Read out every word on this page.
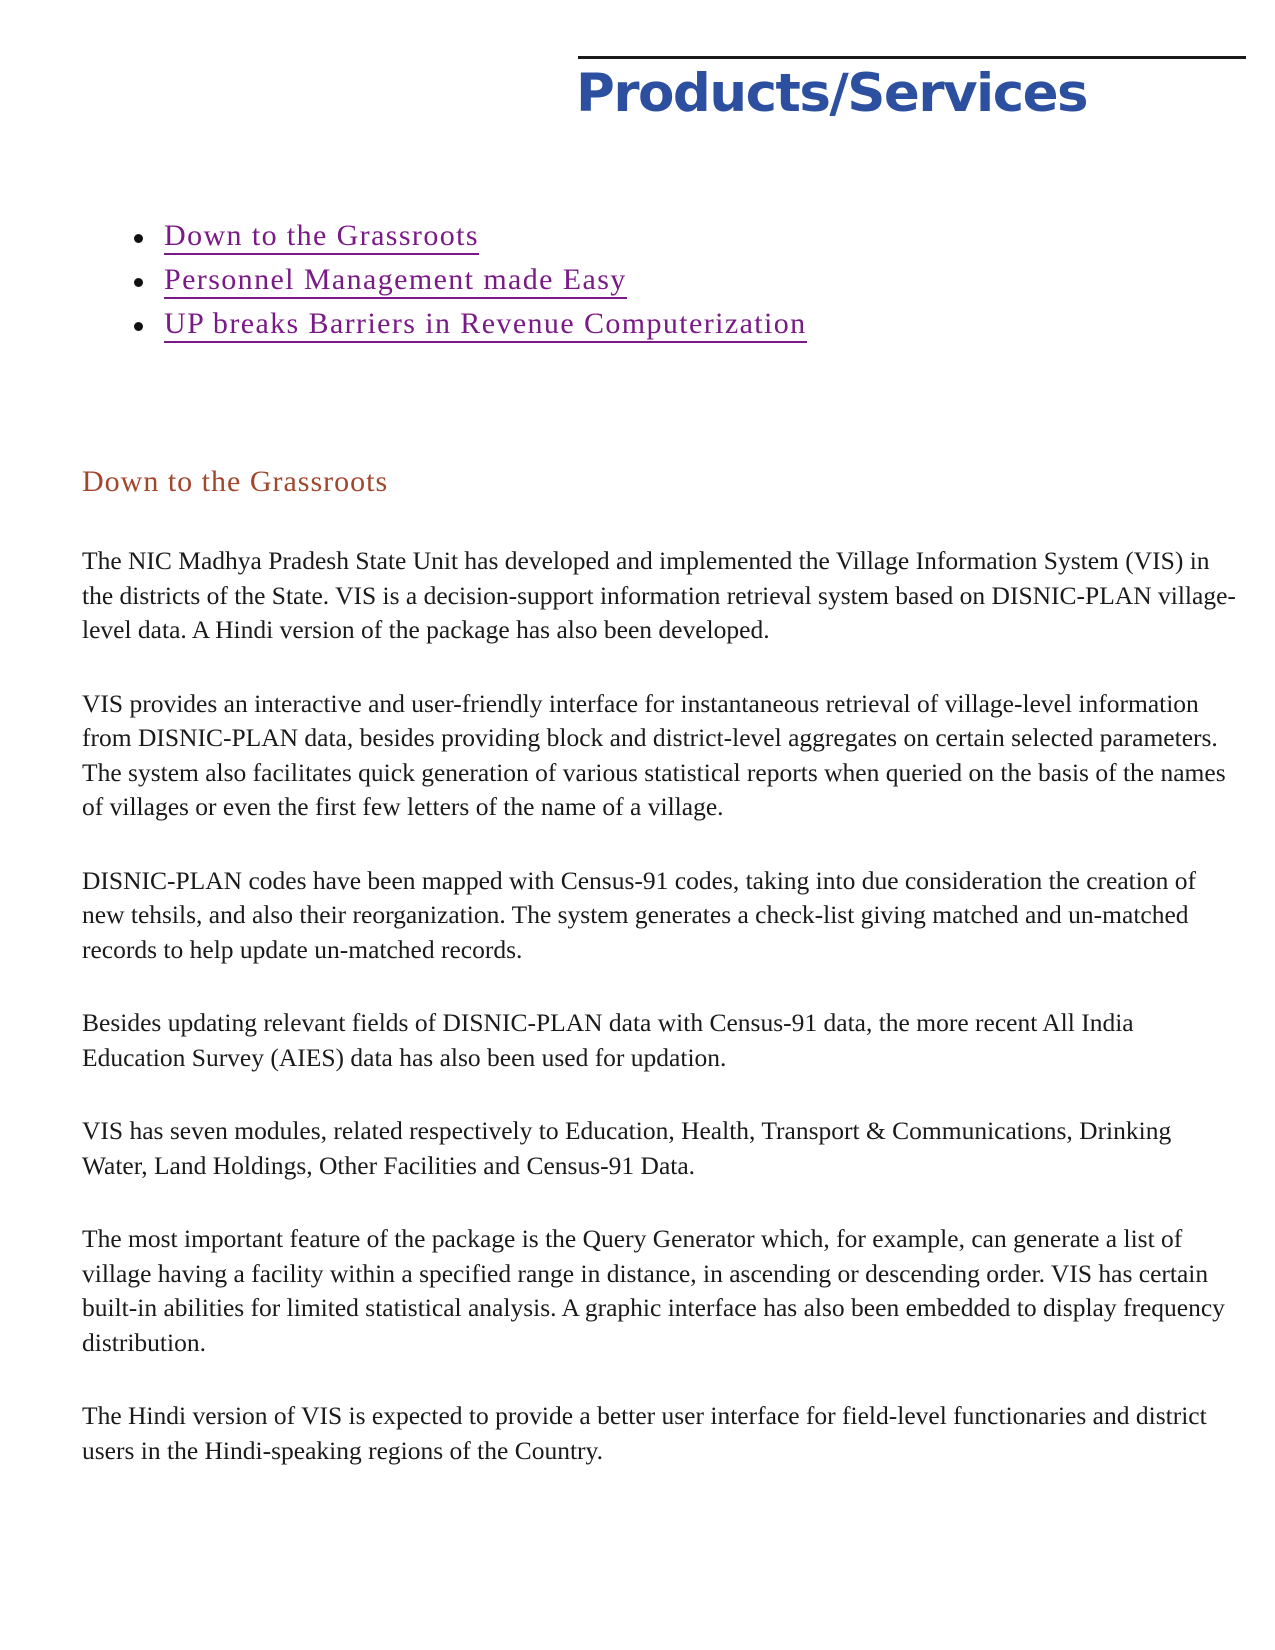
Products/Services
Down to the Grassroots
Personnel Management made Easy
UP breaks Barriers in Revenue Computerization
Down to the Grassroots

The NIC Madhya Pradesh State Unit has developed and implemented the Village Information System (VIS) in the districts of the State. VIS is a decision-support information retrieval system based on DISNIC-PLAN village-level data. A Hindi version of the package has also been developed.

VIS provides an interactive and user-friendly interface for instantaneous retrieval of village-level information from DISNIC-PLAN data, besides providing block and district-level aggregates on certain selected parameters. The system also facilitates quick generation of various statistical reports when queried on the basis of the names of villages or even the first few letters of the name of a village.

DISNIC-PLAN codes have been mapped with Census-91 codes, taking into due consideration the creation of new tehsils, and also their reorganization. The system generates a check-list giving matched and un-matched records to help update un-matched records.

Besides updating relevant fields of DISNIC-PLAN data with Census-91 data, the more recent All India Education Survey (AIES) data has also been used for updation.

VIS has seven modules, related respectively to Education, Health, Transport & Communications, Drinking Water, Land Holdings, Other Facilities and Census-91 Data.

The most important feature of the package is the Query Generator which, for example, can generate a list of village having a facility within a specified range in distance, in ascending or descending order. VIS has certain built-in abilities for limited statistical analysis. A graphic interface has also been embedded to display frequency distribution.

The Hindi version of VIS is expected to provide a better user interface for field-level functionaries and district users in the Hindi-speaking regions of the Country.
